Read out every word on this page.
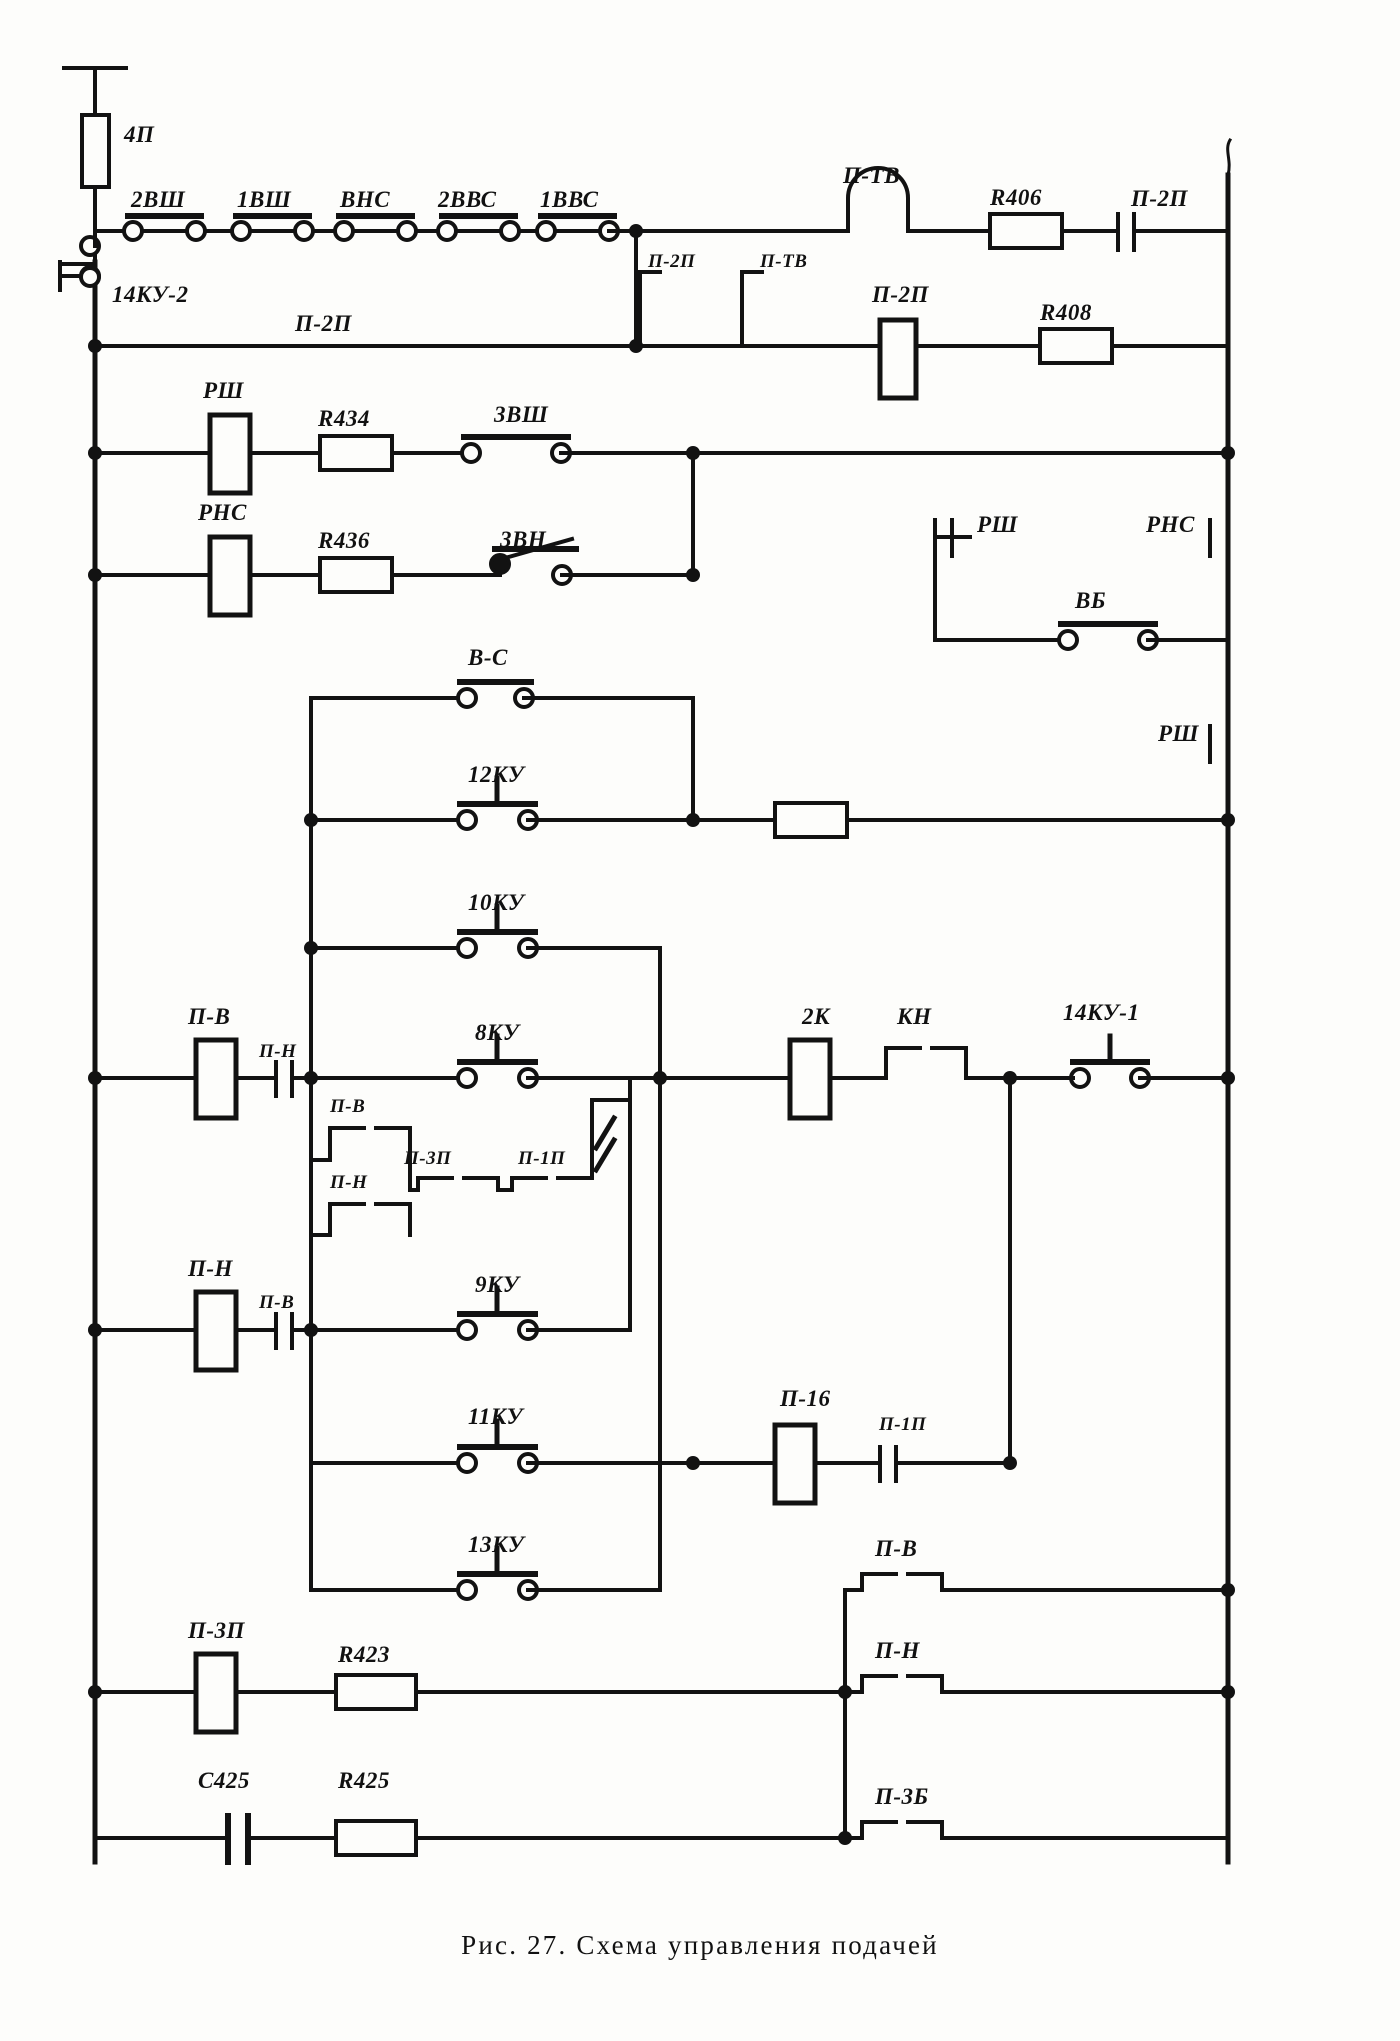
4П
2ВШ 1ВШ ВНС 2ВВС 1ВВС
П-ТВ
R406	П-2П
14КУ-2
П-2П	П-ТВ
П-2П
П-2П
R408
РШ
R434	3ВШ
РНС
R436	3ВН
РШ	РНС
ВБ
РШ
В-С
12КУ
10КУ
8КУ
9КУ
11КУ
13КУ
П-В
П-Н
2К	КН	14КУ-1
П-В
П-3П	П-1П
П-Н
П-Н
П-В
П-16
П-1П
П-В
П-3П
R423	П-Н
C425	R425
П-3Б
Рис. 27. Схема управления подачей
